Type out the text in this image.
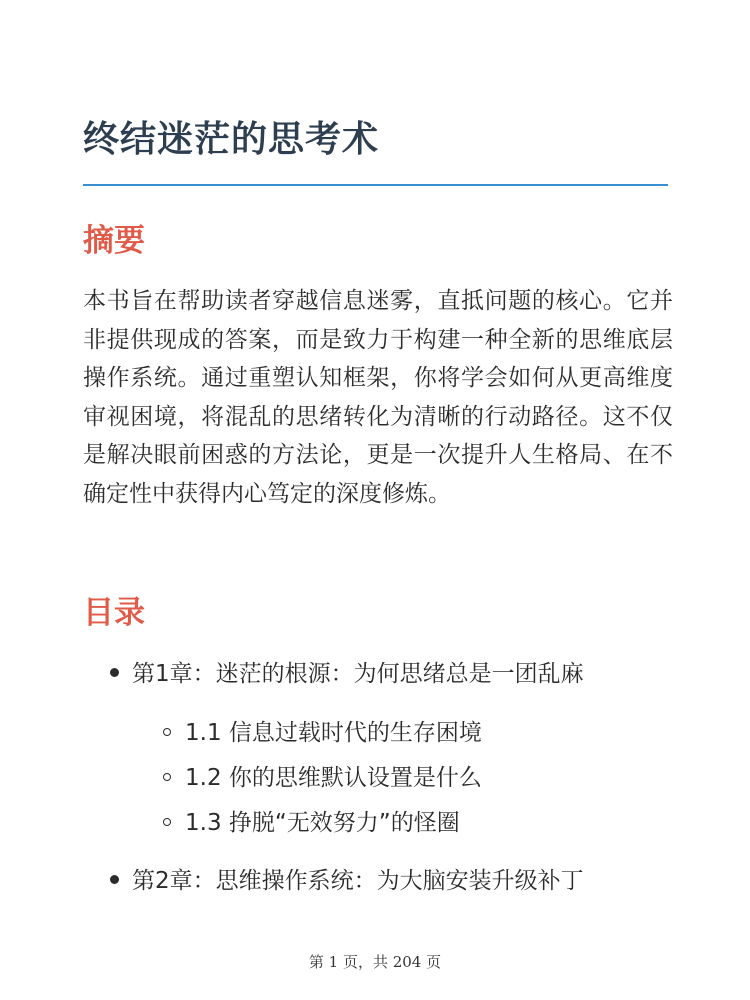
终结迷茫的思考术
摘要

本书旨在帮助读者穿越信息迷雾，直抵问题的核心。它并非提供现成的答案，而是致力于构建一种全新的思维底层操作系统。通过重塑认知框架，你将学会如何从更高维度审视困境，将混乱的思绪转化为清晰的行动路径。这不仅是解决眼前困惑的方法论，更是一次提升人生格局、在不确定性中获得内心笃定的深度修炼。

目录
第1章：迷茫的根源：为何思绪总是一团乱麻
1.1 信息过载时代的生存困境
1.2 你的思维默认设置是什么
1.3 挣脱“无效努力”的怪圈
第2章：思维操作系统：为大脑安装升级补丁
第 1 页，共 204 页
